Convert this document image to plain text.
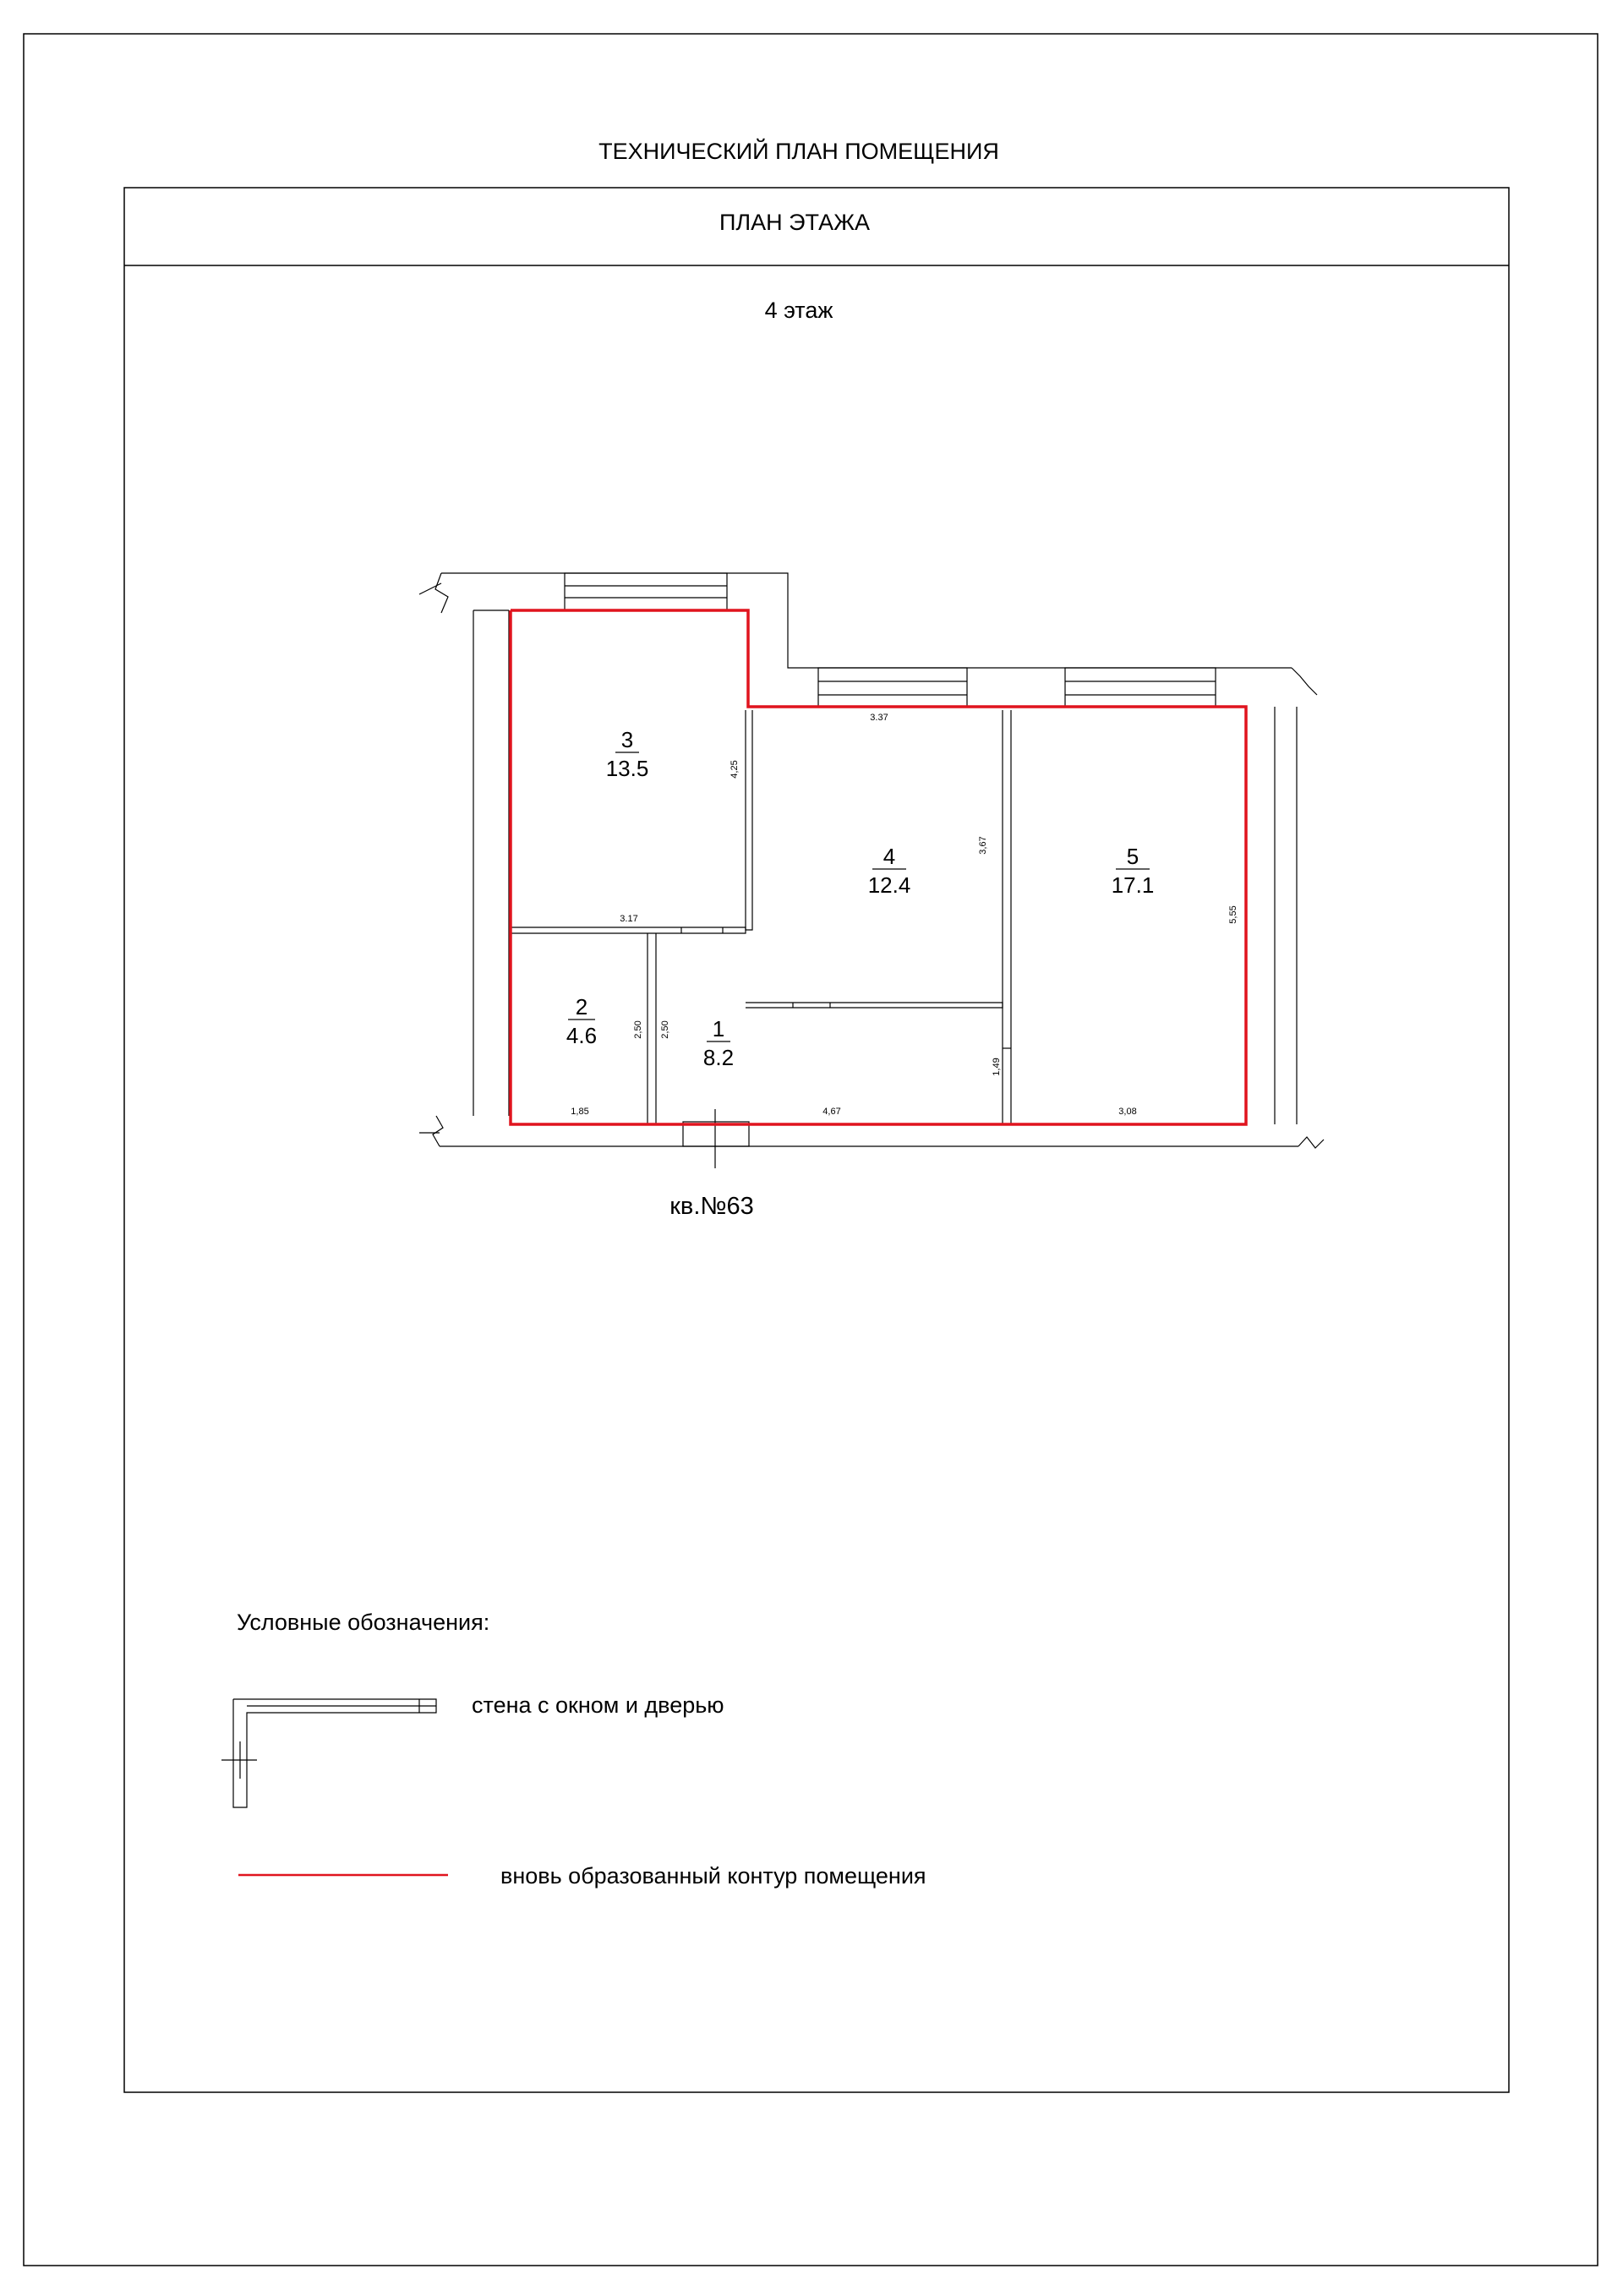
ТЕХНИЧЕСКИЙ ПЛАН ПОМЕЩЕНИЯ
ПЛАН ЭТАЖА
4 этаж
3
13.5
4
12.4
5
17.1
2
4.6	1
8.2
3.37
4,25
3,67
5,55
3.17
2,50 2,50
1,49
1,85	4,67	3,08
кв.№63
Условные обозначения:
стена с окном и дверью
вновь образованный контур помещения
